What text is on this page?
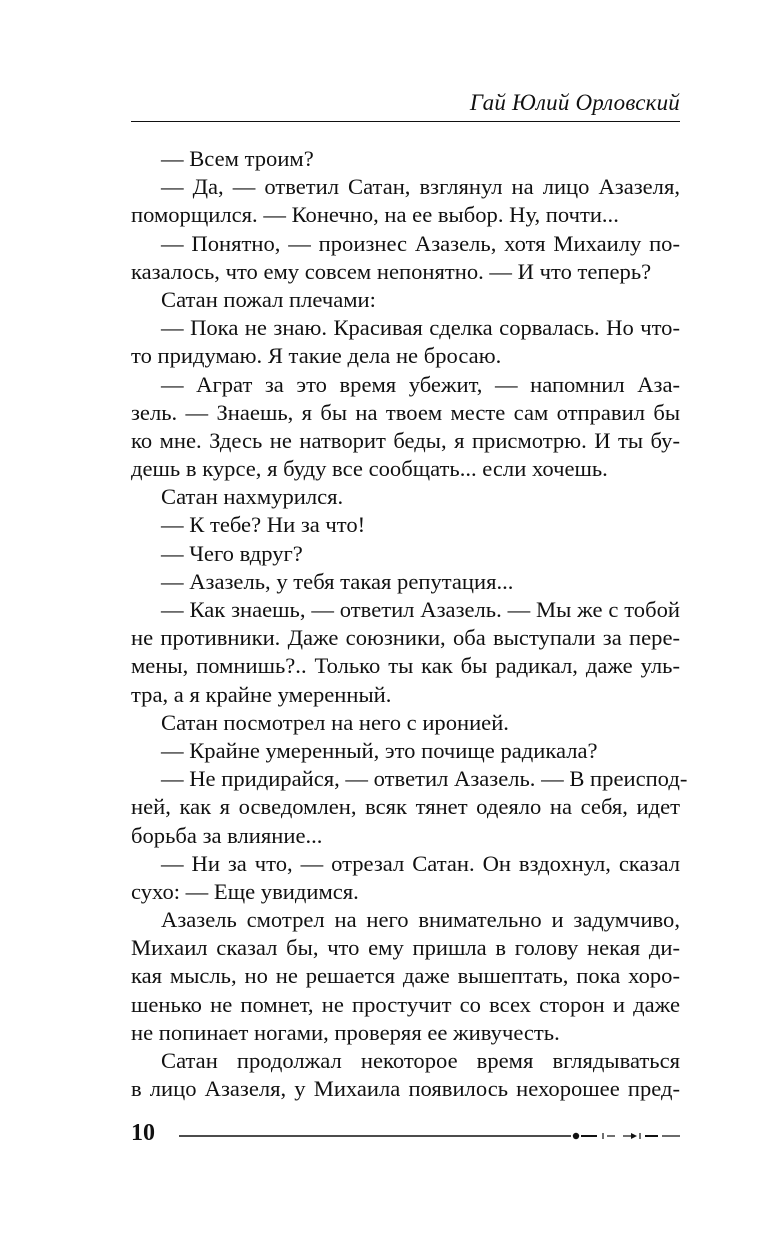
Гай Юлий Орловский
— Всем троим?
— Да, — ответил Сатан, взглянул на лицо Азазеля,
поморщился. — Конечно, на ее выбор. Ну, почти...
— Понятно, — произнес Азазель, хотя Михаилу по-
казалось, что ему совсем непонятно. — И что теперь?
Сатан пожал плечами:
— Пока не знаю. Красивая сделка сорвалась. Но что-
то придумаю. Я такие дела не бросаю.
— Аграт за это время убежит, — напомнил Аза-
зель. — Знаешь, я бы на твоем месте сам отправил бы
ко мне. Здесь не натворит беды, я присмотрю. И ты бу-
дешь в курсе, я буду все сообщать... если хочешь.
Сатан нахмурился.
— К тебе? Ни за что!
— Чего вдруг?
— Азазель, у тебя такая репутация...
— Как знаешь, — ответил Азазель. — Мы же с тобой
не противники. Даже союзники, оба выступали за пере-
мены, помнишь?.. Только ты как бы радикал, даже уль-
тра, а я крайне умеренный.
Сатан посмотрел на него с иронией.
— Крайне умеренный, это почище радикала?
— Не придирайся, — ответил Азазель. — В преиспод-
ней, как я осведомлен, всяк тянет одеяло на себя, идет
борьба за влияние...
— Ни за что, — отрезал Сатан. Он вздохнул, сказал
сухо: — Еще увидимся.
Азазель смотрел на него внимательно и задумчиво,
Михаил сказал бы, что ему пришла в голову некая ди-
кая мысль, но не решается даже вышептать, пока хоро-
шенько не помнет, не простучит со всех сторон и даже
не попинает ногами, проверяя ее живучесть.
Сатан продолжал некоторое время вглядываться
в лицо Азазеля, у Михаила появилось нехорошее пред-
10
